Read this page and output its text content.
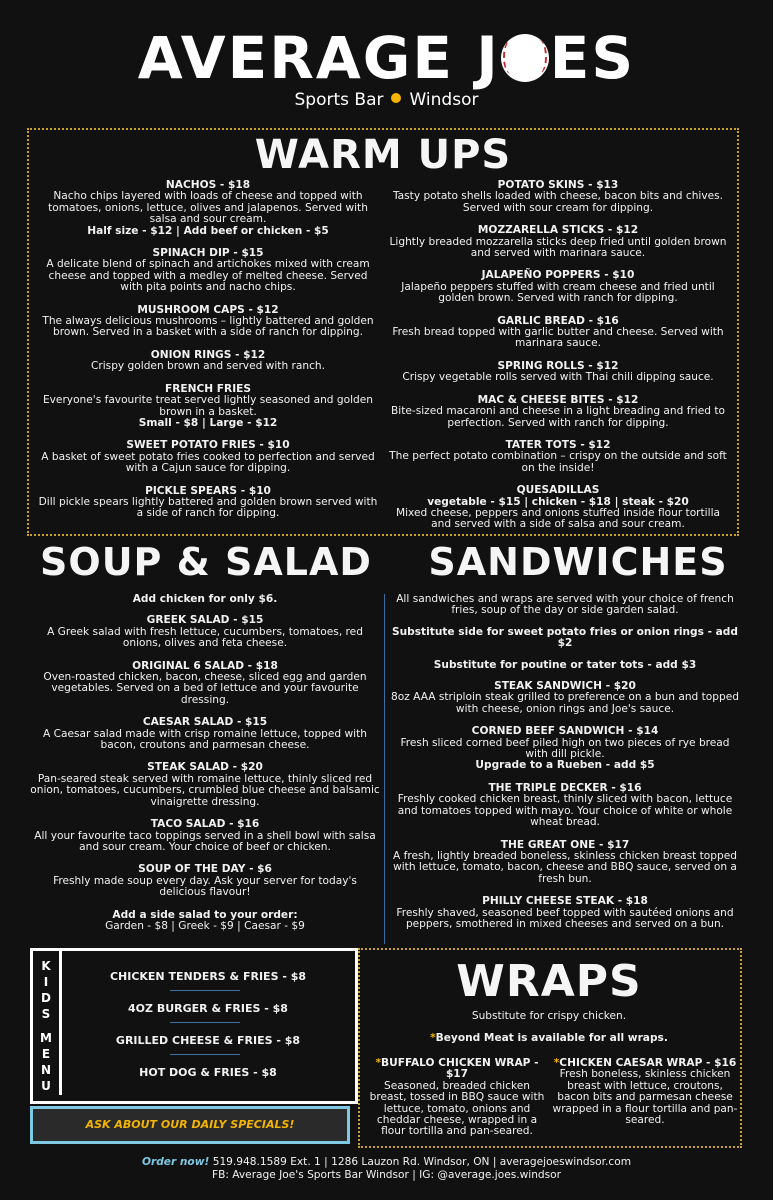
AVERAGE J ES
Sports Bar Windsor
WARM UPS
NACHOS - $18
Nacho chips layered with loads of cheese and topped with tomatoes, onions, lettuce, olives and jalapenos. Served with salsa and sour cream.
Half size - $12 | Add beef or chicken - $5
SPINACH DIP - $15
A delicate blend of spinach and artichokes mixed with cream cheese and topped with a medley of melted cheese. Served with pita points and nacho chips.
MUSHROOM CAPS - $12
The always delicious mushrooms – lightly battered and golden brown. Served in a basket with a side of ranch for dipping.
ONION RINGS - $12
Crispy golden brown and served with ranch.
FRENCH FRIES
Everyone's favourite treat served lightly seasoned and golden brown in a basket.
Small - $8 | Large - $12
SWEET POTATO FRIES - $10
A basket of sweet potato fries cooked to perfection and served with a Cajun sauce for dipping.
PICKLE SPEARS - $10
Dill pickle spears lightly battered and golden brown served with a side of ranch for dipping.
POTATO SKINS - $13
Tasty potato shells loaded with cheese, bacon bits and chives. Served with sour cream for dipping.
MOZZARELLA STICKS - $12
Lightly breaded mozzarella sticks deep fried until golden brown and served with marinara sauce.
JALAPEÑO POPPERS - $10
Jalapeño peppers stuffed with cream cheese and fried until golden brown. Served with ranch for dipping.
GARLIC BREAD - $16
Fresh bread topped with garlic butter and cheese. Served with marinara sauce.
SPRING ROLLS - $12
Crispy vegetable rolls served with Thai chili dipping sauce.
MAC & CHEESE BITES - $12
Bite-sized macaroni and cheese in a light breading and fried to perfection. Served with ranch for dipping.
TATER TOTS - $12
The perfect potato combination – crispy on the outside and soft on the inside!
QUESADILLAS
vegetable - $15 | chicken - $18 | steak - $20
Mixed cheese, peppers and onions stuffed inside flour tortilla and served with a side of salsa and sour cream.
SOUP & SALAD
Add chicken for only $6.
GREEK SALAD - $15
A Greek salad with fresh lettuce, cucumbers, tomatoes, red onions, olives and feta cheese.
ORIGINAL 6 SALAD - $18
Oven-roasted chicken, bacon, cheese, sliced egg and garden vegetables. Served on a bed of lettuce and your favourite dressing.
CAESAR SALAD - $15
A Caesar salad made with crisp romaine lettuce, topped with bacon, croutons and parmesan cheese.
STEAK SALAD - $20
Pan-seared steak served with romaine lettuce, thinly sliced red onion, tomatoes, cucumbers, crumbled blue cheese and balsamic vinaigrette dressing.
TACO SALAD - $16
All your favourite taco toppings served in a shell bowl with salsa and sour cream. Your choice of beef or chicken.
SOUP OF THE DAY - $6
Freshly made soup every day. Ask your server for today's delicious flavour!
Add a side salad to your order:
Garden - $8 | Greek - $9 | Caesar - $9
SANDWICHES
All sandwiches and wraps are served with your choice of french fries, soup of the day or side garden salad.
Substitute side for sweet potato fries or onion rings - add $2
Substitute for poutine or tater tots - add $3
STEAK SANDWICH - $20
8oz AAA striploin steak grilled to preference on a bun and topped with cheese, onion rings and Joe's sauce.
CORNED BEEF SANDWICH - $14
Fresh sliced corned beef piled high on two pieces of rye bread with dill pickle.
Upgrade to a Rueben - add $5
THE TRIPLE DECKER - $16
Freshly cooked chicken breast, thinly sliced with bacon, lettuce and tomatoes topped with mayo. Your choice of white or whole wheat bread.
THE GREAT ONE - $17
A fresh, lightly breaded boneless, skinless chicken breast topped with lettuce, tomato, bacon, cheese and BBQ sauce, served on a fresh bun.
PHILLY CHEESE STEAK - $18
Freshly shaved, seasoned beef topped with sautéed onions and peppers, smothered in mixed cheeses and served on a bun.
K
I
D
S
M
E
N
U
CHICKEN TENDERS & FRIES - $8
4OZ BURGER & FRIES - $8
GRILLED CHEESE & FRIES - $8
HOT DOG & FRIES - $8
ASK ABOUT OUR DAILY SPECIALS!
WRAPS
Substitute for crispy chicken.
*Beyond Meat is available for all wraps.
*BUFFALO CHICKEN WRAP - $17
Seasoned, breaded chicken breast, tossed in BBQ sauce with lettuce, tomato, onions and cheddar cheese, wrapped in a flour tortilla and pan-seared.
*CHICKEN CAESAR WRAP - $16
Fresh boneless, skinless chicken breast with lettuce, croutons, bacon bits and parmesan cheese wrapped in a flour tortilla and pan-seared.
Order now! 519.948.1589 Ext. 1 | 1286 Lauzon Rd. Windsor, ON | averagejoeswindsor.com
FB: Average Joe's Sports Bar Windsor | IG: @average.joes.windsor
